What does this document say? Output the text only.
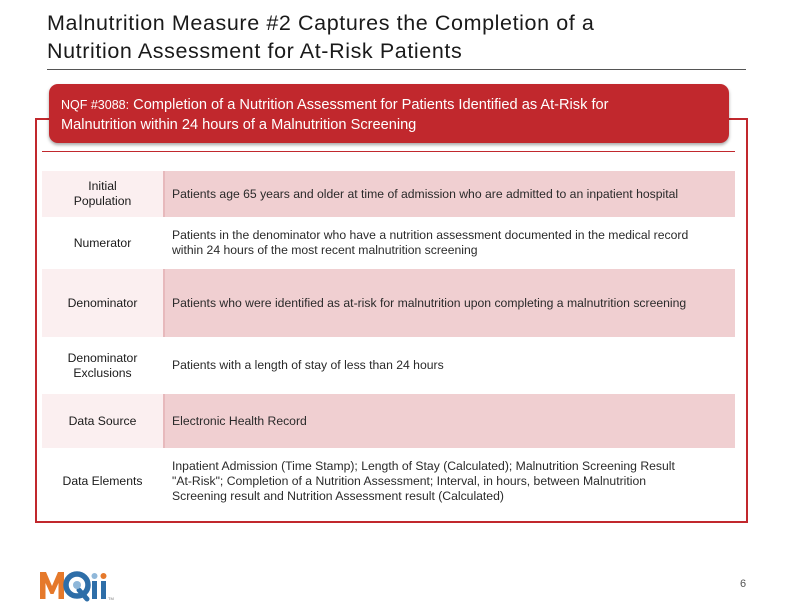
Malnutrition Measure #2 Captures the Completion of a
Nutrition Assessment for At-Risk Patients
NQF #3088: Completion of a Nutrition Assessment for Patients Identified as At-Risk for
Malnutrition within 24 hours of a Malnutrition Screening
Initial
Population
Patients age 65 years and older at time of admission who are admitted to an inpatient hospital
Numerator
Patients in the denominator who have a nutrition assessment documented in the medical record
within 24 hours of the most recent malnutrition screening
Denominator	Patients who were identified as at-risk for malnutrition upon completing a malnutrition screening
Denominator
Exclusions
Patients with a length of stay of less than 24 hours
Data Source	Electronic Health Record
Data Elements
Inpatient Admission (Time Stamp); Length of Stay (Calculated); Malnutrition Screening Result
"At-Risk"; Completion of a Nutrition Assessment; Interval, in hours, between Malnutrition
Screening result and Nutrition Assessment result (Calculated)
TM
6
